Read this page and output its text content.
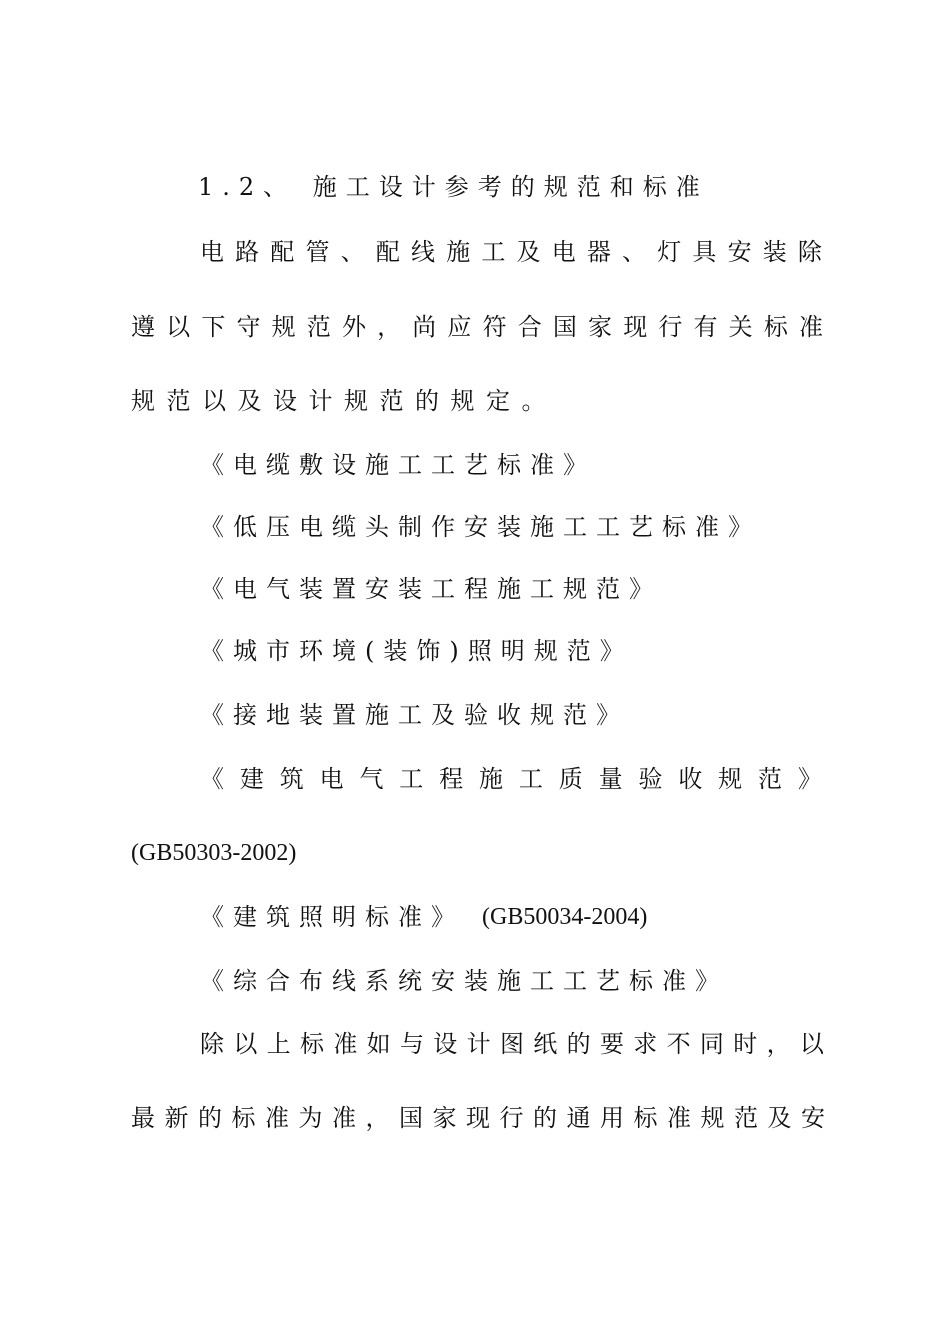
1.2、 施工设计参考的规范和标准

电 路 配 管 、 配 线 施 工 及 电 器 、 灯 具 安 装 除

遵 以 下 守 规 范 外 ， 尚 应 符 合 国 家 现 行 有 关 标 准

规范以及设计规范的规定。

《电缆敷设施工工艺标准》

《低压电缆头制作安装施工工艺标准》

《电气装置安装工程施工规范》

《城市环境(装饰)照明规范》

《接地装置施工及验收规范》

《 建 筑 电 气 工 程 施 工 质 量 验 收 规 范 》

(GB50303-2002)

《建筑照明标准》 (GB50034-2004)

《综合布线系统安装施工工艺标准》

除 以 上 标 准 如 与 设 计 图 纸 的 要 求 不 同 时 ， 以

最 新 的 标 准 为 准 ， 国 家 现 行 的 通 用 标 准 规 范 及 安
